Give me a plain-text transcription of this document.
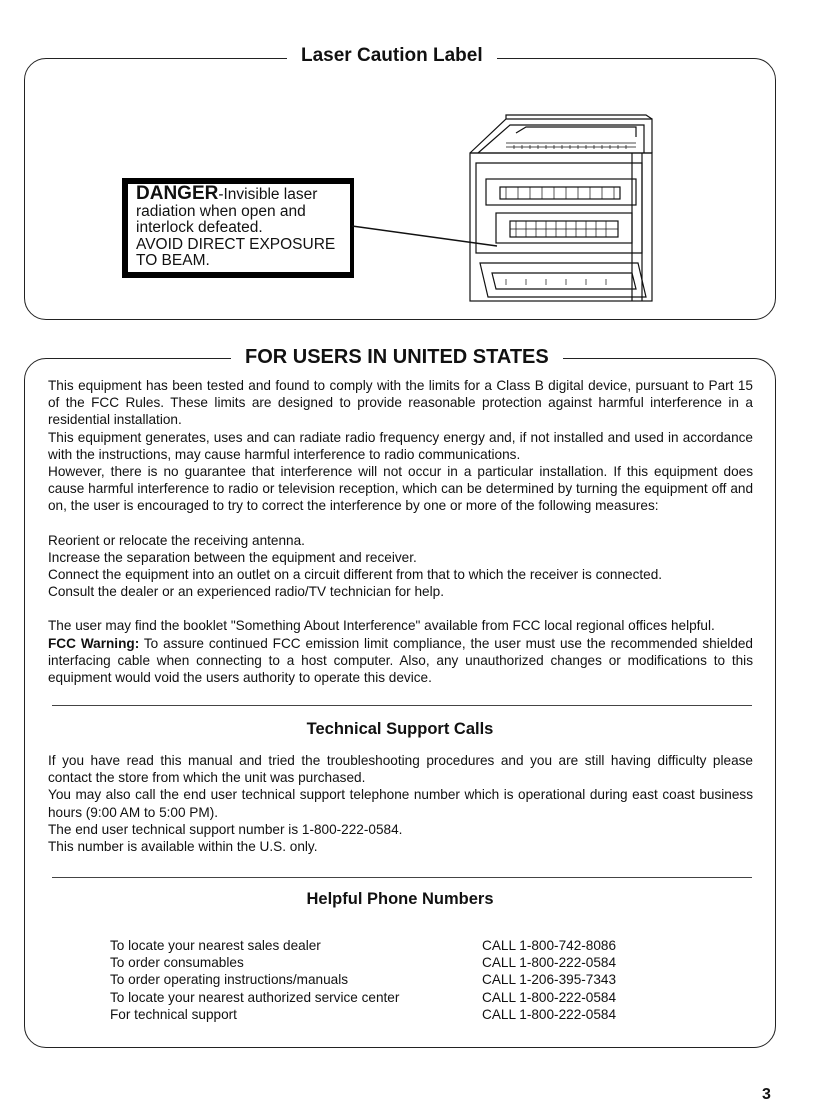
Laser Caution Label
DANGER-Invisible laser
radiation when open and
interlock defeated.
AVOID DIRECT EXPOSURE
TO BEAM.
FOR USERS IN UNITED STATES

This equipment has been tested and found to comply with the limits for a Class B digital device, pursuant to Part 15 of the FCC Rules. These limits are designed to provide reasonable protection against harmful interference in a residential installation.

This equipment generates, uses and can radiate radio frequency energy and, if not installed and used in accordance with the instructions, may cause harmful interference to radio communications.

However, there is no guarantee that interference will not occur in a particular installation. If this equipment does cause harmful interference to radio or television reception, which can be determined by turning the equipment off and on, the user is encouraged to try to correct the interference by one or more of the following measures:

Reorient or relocate the receiving antenna.

Increase the separation between the equipment and receiver.

Connect the equipment into an outlet on a circuit different from that to which the receiver is connected.

Consult the dealer or an experienced radio/TV technician for help.

The user may find the booklet "Something About Interference" available from FCC local regional offices helpful.

FCC Warning: To assure continued FCC emission limit compliance, the user must use the recommended shielded interfacing cable when connecting to a host computer. Also, any unauthorized changes or modifications to this equipment would void the users authority to operate this device.

Technical Support Calls

If you have read this manual and tried the troubleshooting procedures and you are still having difficulty please contact the store from which the unit was purchased.

You may also call the end user technical support telephone number which is operational during east coast business hours (9:00 AM to 5:00 PM).

The end user technical support number is 1-800-222-0584.

This number is available within the U.S. only.

Helpful Phone Numbers
To locate your nearest sales dealer	CALL 1-800-742-8086
To order consumables	CALL 1-800-222-0584
To order operating instructions/manuals	CALL 1-206-395-7343
To locate your nearest authorized service center	CALL 1-800-222-0584
For technical support	CALL 1-800-222-0584
3
